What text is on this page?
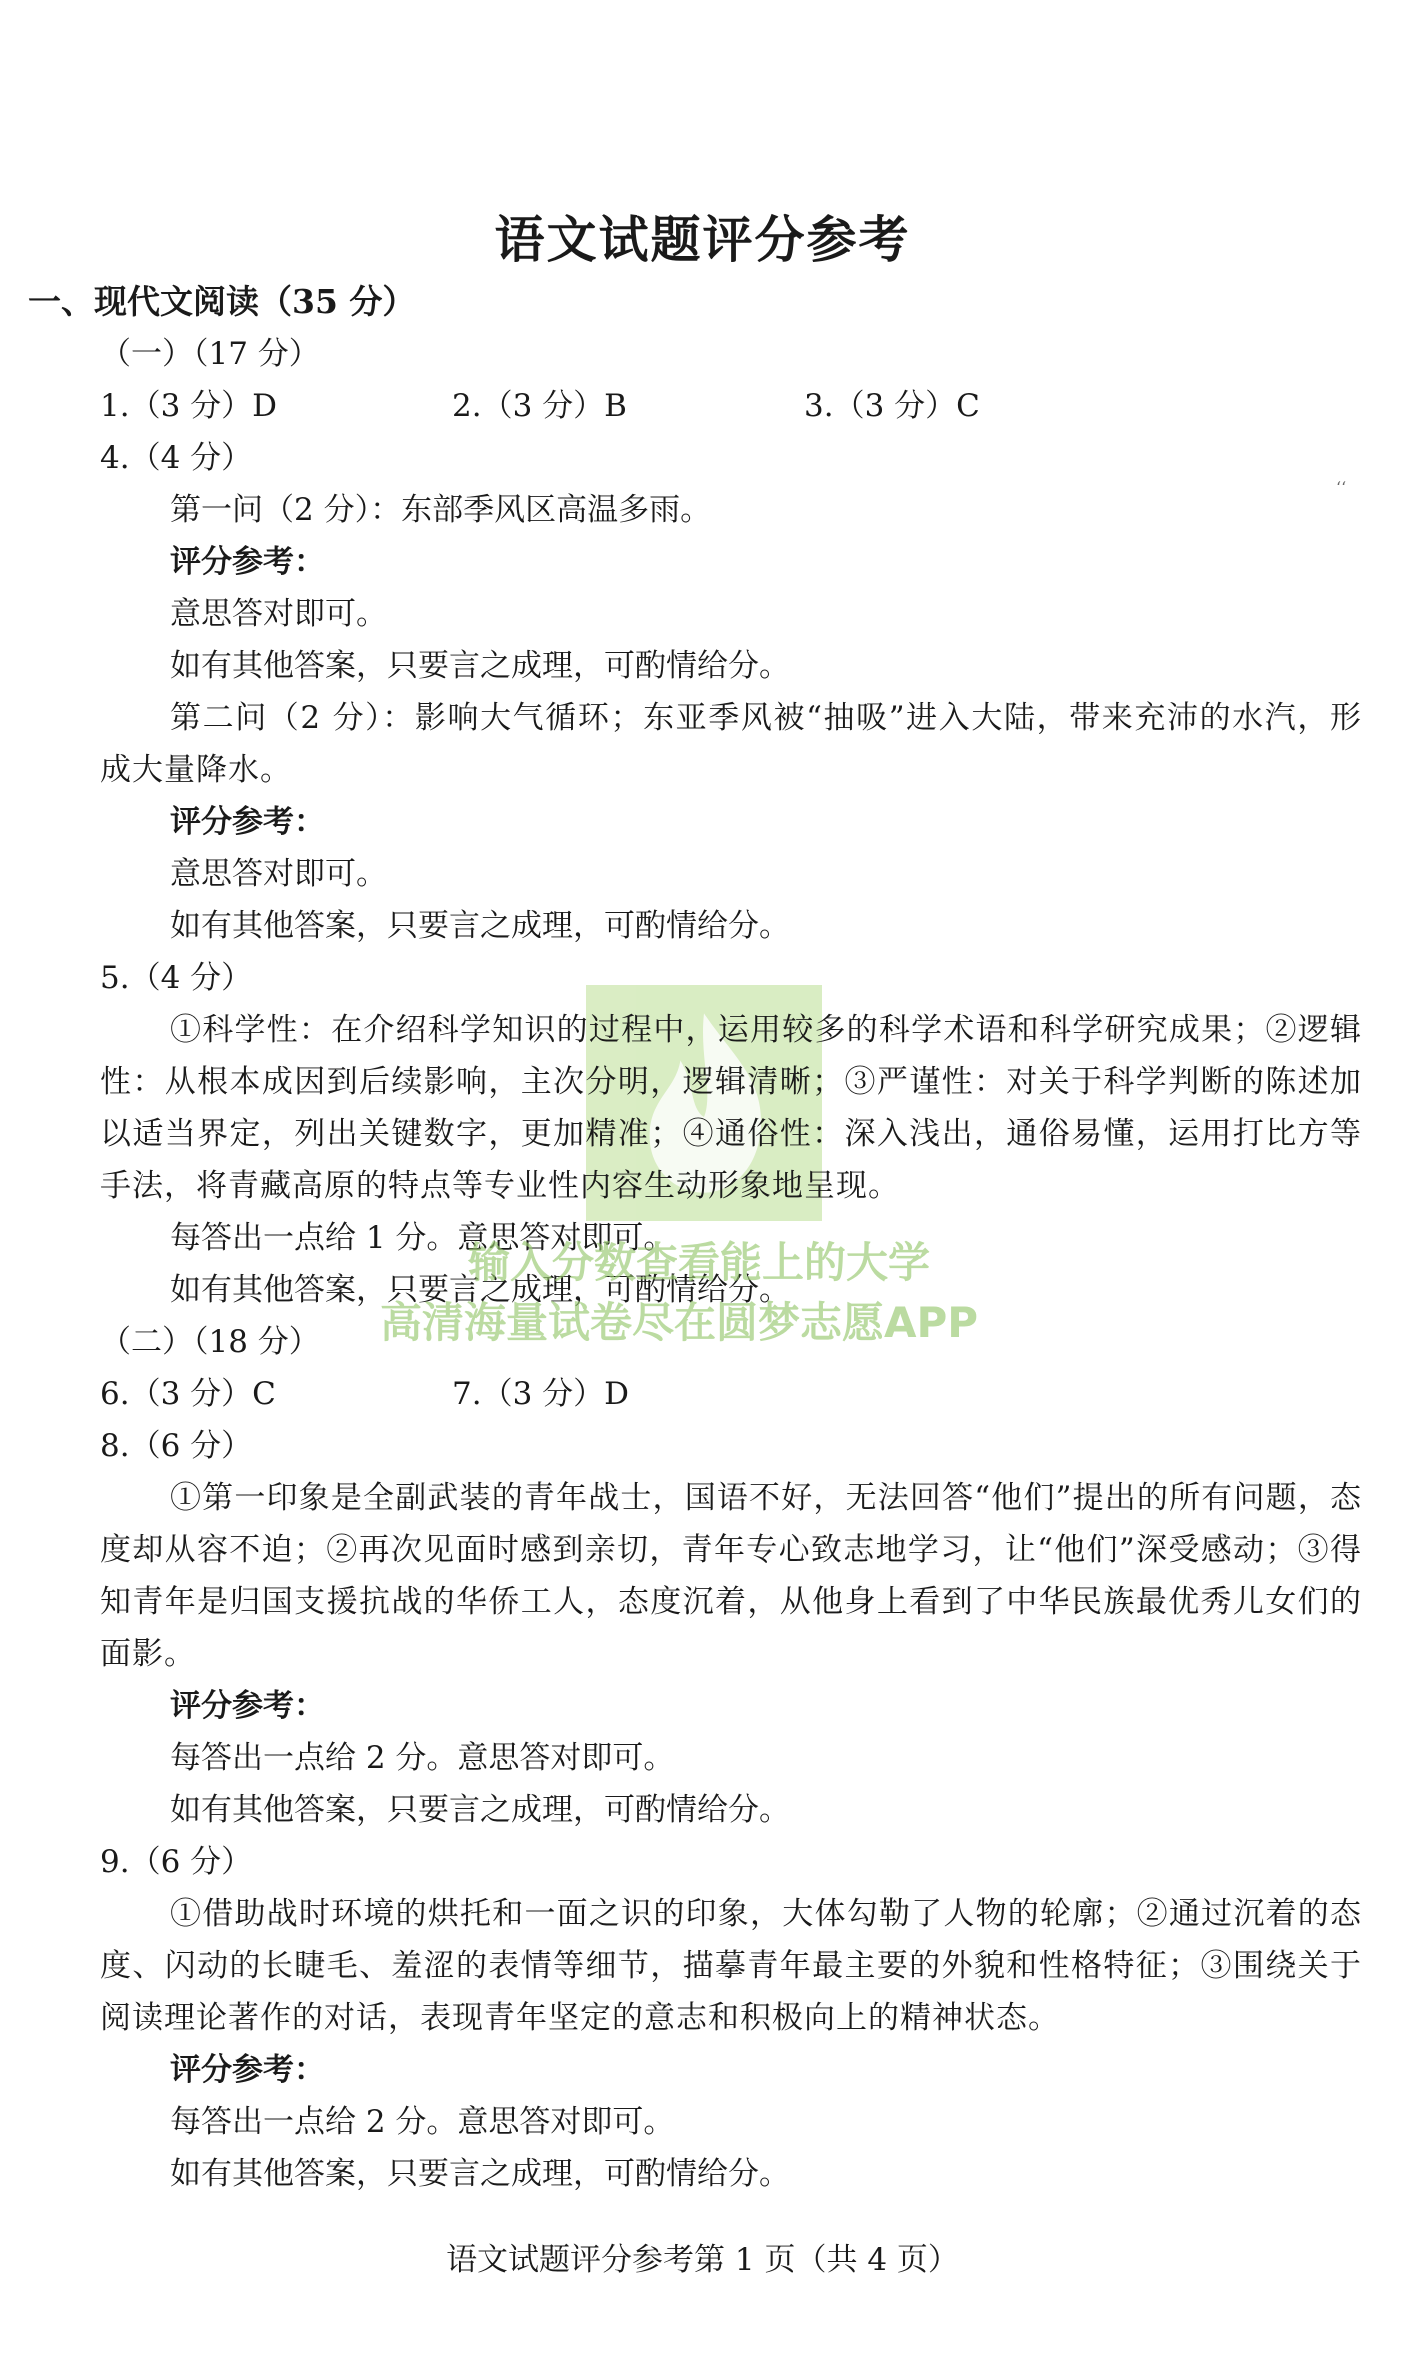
语文试题评分参考
一、现代文阅读（35 分）
（一）（17 分）
1.（3 分）D	2.（3 分）B	3.（3 分）C
4.（4 分）
‘‘
第一问（2 分）：东部季风区高温多雨。
评分参考：
意思答对即可。
如有其他答案，只要言之成理，可酌情给分。
第二问（2 分）：影响大气循环；东亚季风被“抽吸”进入大陆，带来充沛的水汽，形成大量降水。
评分参考：
意思答对即可。
如有其他答案，只要言之成理，可酌情给分。
5.（4 分）
①科学性：在介绍科学知识的过程中，运用较多的科学术语和科学研究成果；②逻辑性：从根本成因到后续影响，主次分明，逻辑清晰；③严谨性：对关于科学判断的陈述加以适当界定，列出关键数字，更加精准；④通俗性：深入浅出，通俗易懂，运用打比方等手法，将青藏高原的特点等专业性内容生动形象地呈现。
每答出一点给 1 分。意思答对即可。
如有其他答案，只要言之成理，可酌情给分。
输入分数查看能上的大学
高清海量试卷尽在圆梦志愿APP
（二）（18 分）
6.（3 分）C	7.（3 分）D
8.（6 分）
①第一印象是全副武装的青年战士，国语不好，无法回答“他们”提出的所有问题，态度却从容不迫；②再次见面时感到亲切，青年专心致志地学习，让“他们”深受感动；③得知青年是归国支援抗战的华侨工人，态度沉着，从他身上看到了中华民族最优秀儿女们的面影。
评分参考：
每答出一点给 2 分。意思答对即可。
如有其他答案，只要言之成理，可酌情给分。
9.（6 分）
①借助战时环境的烘托和一面之识的印象，大体勾勒了人物的轮廓；②通过沉着的态度、闪动的长睫毛、羞涩的表情等细节，描摹青年最主要的外貌和性格特征；③围绕关于阅读理论著作的对话，表现青年坚定的意志和积极向上的精神状态。
评分参考：
每答出一点给 2 分。意思答对即可。
如有其他答案，只要言之成理，可酌情给分。
语文试题评分参考第 1 页（共 4 页）
